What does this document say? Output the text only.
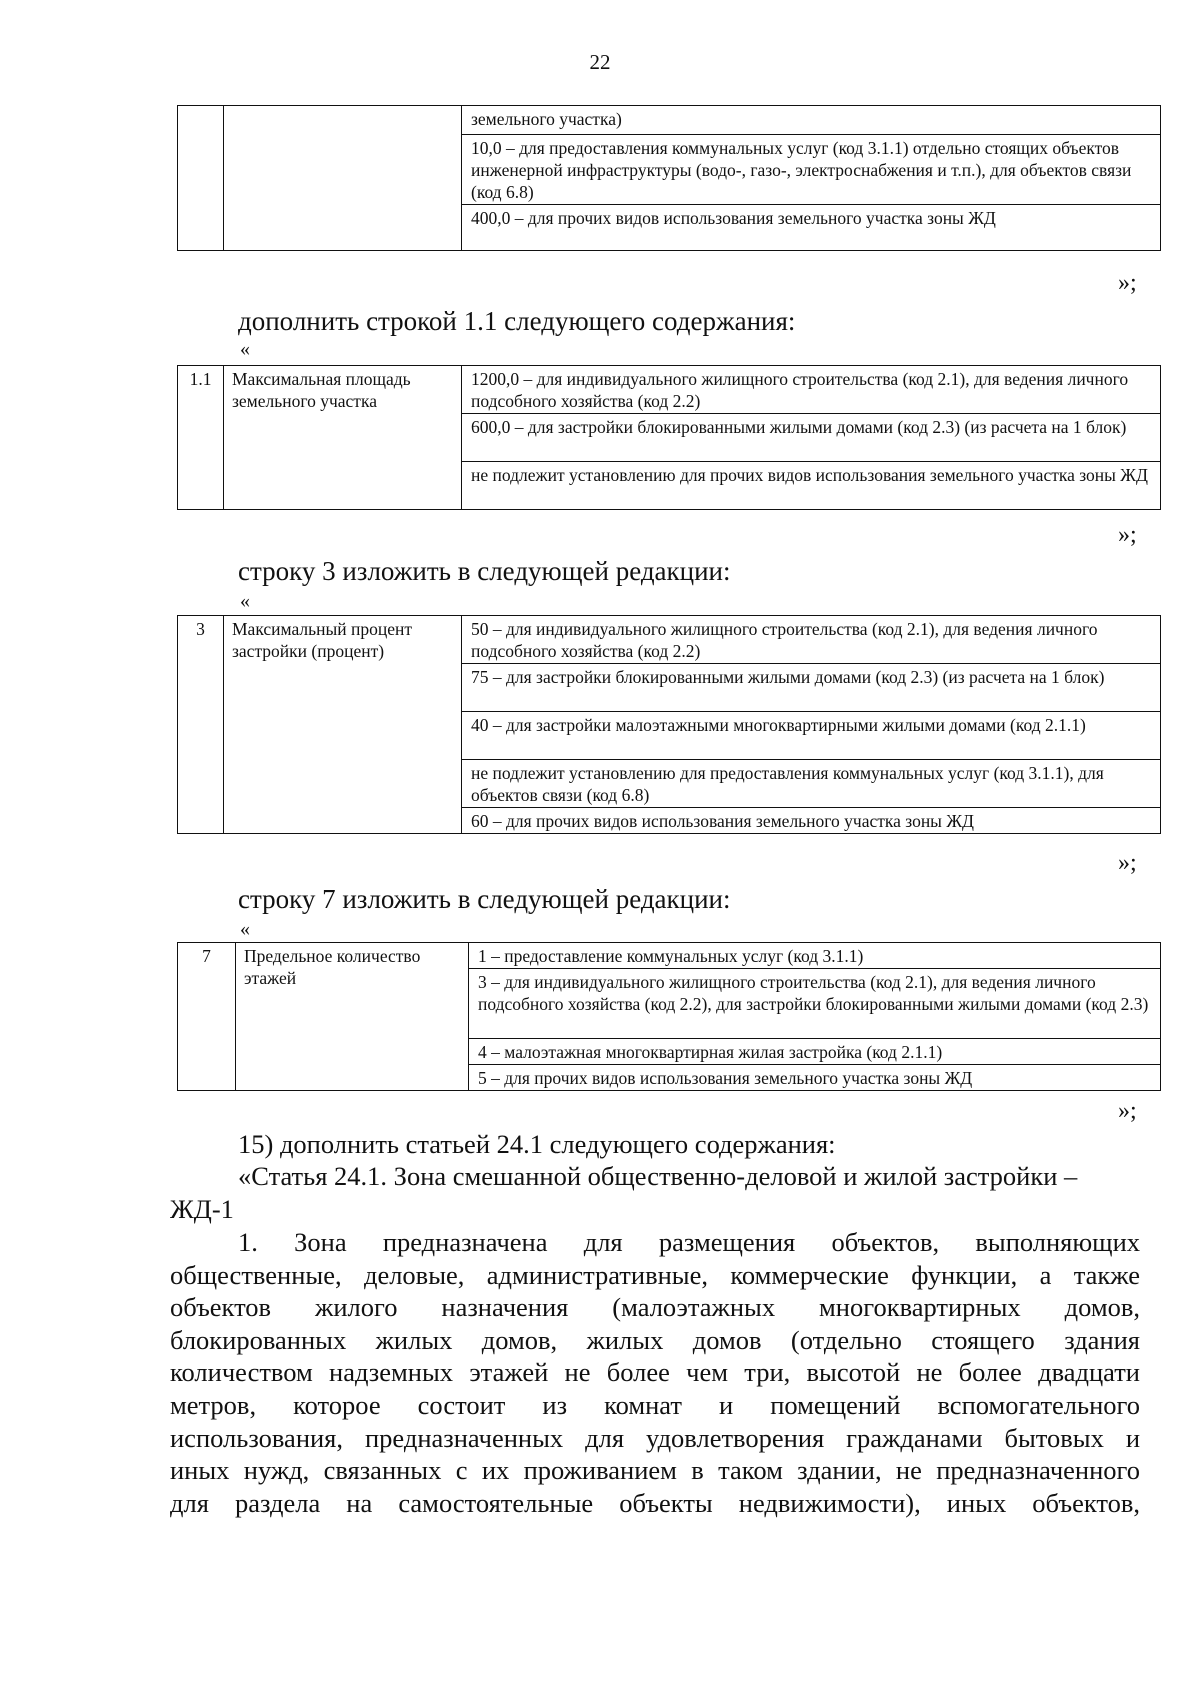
22
		земельного участка)
10,0 – для предоставления коммунальных услуг (код 3.1.1) отдельно стоящих объектов инженерной инфраструктуры (водо-, газо-, электроснабжения и т.п.), для объектов связи (код 6.8)
400,0 – для прочих видов использования земельного участка зоны ЖД
»;
дополнить строкой 1.1 следующего содержания:
«
1.1	Максимальная площадь земельного участка	1200,0 – для индивидуального жилищного строительства (код 2.1), для ведения личного подсобного хозяйства (код 2.2)
600,0 – для застройки блокированными жилыми домами (код 2.3) (из расчета на 1 блок)
не подлежит установлению для прочих видов использования земельного участка зоны ЖД
»;
строку 3 изложить в следующей редакции:
«
3	Максимальный процент застройки (процент)	50 – для индивидуального жилищного строительства (код 2.1), для ведения личного подсобного хозяйства (код 2.2)
75 – для застройки блокированными жилыми домами (код 2.3) (из расчета на 1 блок)
40 – для застройки малоэтажными многоквартирными жилыми домами (код 2.1.1)
не подлежит установлению для предоставления коммунальных услуг (код 3.1.1), для объектов связи (код 6.8)
60 – для прочих видов использования земельного участка зоны ЖД
»;
строку 7 изложить в следующей редакции:
«
7	Предельное количество этажей	1 – предоставление коммунальных услуг (код 3.1.1)
3 – для индивидуального жилищного строительства (код 2.1), для ведения личного подсобного хозяйства (код 2.2), для застройки блокированными жилыми домами (код 2.3)
4 – малоэтажная многоквартирная жилая застройка (код 2.1.1)
5 – для прочих видов использования земельного участка зоны ЖД
»;
15) дополнить статьей 24.1 следующего содержания:
«Статья 24.1. Зона смешанной общественно-деловой и жилой застройки –
ЖД-1
1. Зона предназначена для размещения объектов, выполняющих
общественные, деловые, административные, коммерческие функции, а также
объектов жилого назначения (малоэтажных многоквартирных домов,
блокированных жилых домов, жилых домов (отдельно стоящего здания
количеством надземных этажей не более чем три, высотой не более двадцати
метров, которое состоит из комнат и помещений вспомогательного
использования, предназначенных для удовлетворения гражданами бытовых и
иных нужд, связанных с их проживанием в таком здании, не предназначенного
для раздела на самостоятельные объекты недвижимости), иных объектов,
